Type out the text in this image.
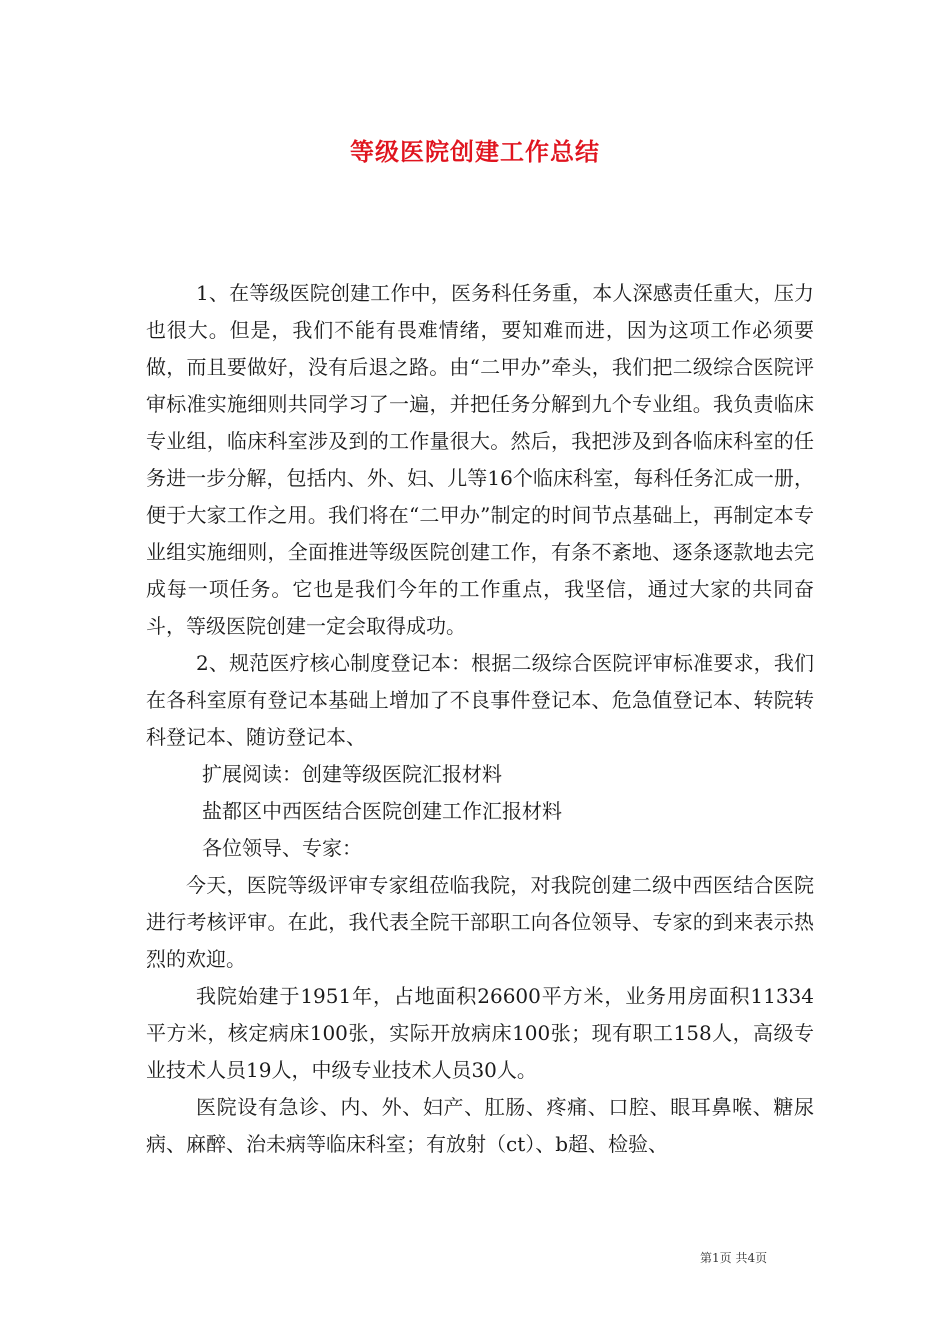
等级医院创建工作总结

1、在等级医院创建工作中，医务科任务重，本人深感责任重大，压力也很大。但是，我们不能有畏难情绪，要知难而进，因为这项工作必须要做，而且要做好，没有后退之路。由“二甲办”牵头，我们把二级综合医院评审标准实施细则共同学习了一遍，并把任务分解到九个专业组。我负责临床专业组，临床科室涉及到的工作量很大。然后，我把涉及到各临床科室的任务进一步分解，包括内、外、妇、儿等16个临床科室，每科任务汇成一册，便于大家工作之用。我们将在“二甲办”制定的时间节点基础上，再制定本专业组实施细则，全面推进等级医院创建工作，有条不紊地、逐条逐款地去完成每一项任务。它也是我们今年的工作重点，我坚信，通过大家的共同奋斗，等级医院创建一定会取得成功。

2、规范医疗核心制度登记本：根据二级综合医院评审标准要求，我们在各科室原有登记本基础上增加了不良事件登记本、危急值登记本、转院转科登记本、随访登记本、

扩展阅读：创建等级医院汇报材料

盐都区中西医结合医院创建工作汇报材料

各位领导、专家：

今天，医院等级评审专家组莅临我院，对我院创建二级中西医结合医院进行考核评审。在此，我代表全院干部职工向各位领导、专家的到来表示热烈的欢迎。

我院始建于1951年，占地面积26600平方米，业务用房面积11334平方米，核定病床100张，实际开放病床100张；现有职工158人，高级专业技术人员19人，中级专业技术人员30人。

医院设有急诊、内、外、妇产、肛肠、疼痛、口腔、眼耳鼻喉、糖尿病、麻醉、治未病等临床科室；有放射（ct）、b超、检验、

第1页 共4页
